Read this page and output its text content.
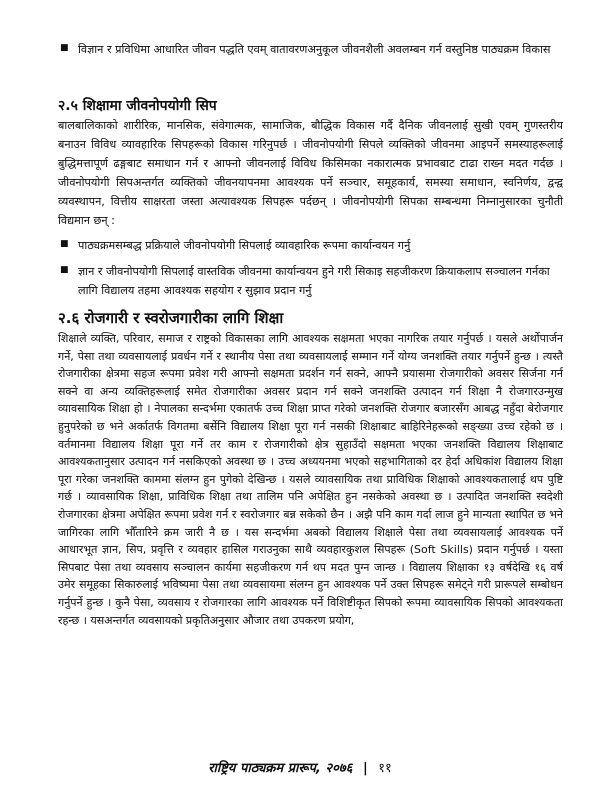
■ विज्ञान र प्रविधिमा आधारित जीवन पद्धति एवम् वातावरणअनुकूल जीवनशैली अवलम्बन गर्न वस्तुनिष्ठ पाठ्यक्रम विकास
२.५ शिक्षामा जीवनोपयोगी सिप
बालबालिकाको शारीरिक, मानसिक, संवेगात्मक, सामाजिक, बौद्धिक विकास गर्दै दैनिक जीवनलाई सुखी एवम् गुणस्तरीय बनाउन विविध व्यावहारिक सिपहरूको विकास गरिनुपर्छ । जीवनोपयोगी सिपले व्यक्तिको जीवनमा आइपर्ने समस्याहरूलाई बुद्धिमत्तापूर्ण ढङ्गबाट समाधान गर्न र आफ्नो जीवनलाई विविध किसिमका नकारात्मक प्रभावबाट टाढा राख्न मदत गर्दछ । जीवनोपयोगी सिपअन्तर्गत व्यक्तिको जीवनयापनमा आवश्यक पर्ने सञ्चार, समूहकार्य, समस्या समाधान, स्वनिर्णय, द्वन्द्व व्यवस्थापन, वित्तीय साक्षरता जस्ता अत्यावश्यक सिपहरू पर्दछन् । जीवनोपयोगी सिपका सम्बन्धमा निम्नानुसारका चुनौती विद्यमान छन् :
■ पाठ्यक्रमसम्बद्ध प्रक्रियाले जीवनोपयोगी सिपलाई व्यावहारिक रूपमा कार्यान्वयन गर्नु
■ ज्ञान र जीवनोपयोगी सिपलाई वास्तविक जीवनमा कार्यान्वयन हुने गरी सिकाइ सहजीकरण क्रियाकलाप सञ्चालन गर्नका लागि विद्यालय तहमा आवश्यक सहयोग र सुझाव प्रदान गर्नु
२.६ रोजगारी र स्वरोजगारीका लागि शिक्षा
शिक्षाले व्यक्ति, परिवार, समाज र राष्ट्रको विकासका लागि आवश्यक सक्षमता भएका नागरिक तयार गर्नुपर्छ । यसले अर्थोपार्जन गर्ने, पेसा तथा व्यवसायलाई प्रवर्धन गर्ने र स्थानीय पेसा तथा व्यवसायलाई सम्मान गर्ने योग्य जनशक्ति तयार गर्नुपर्ने हुन्छ । त्यस्तै रोजगारीका क्षेत्रमा सहज रूपमा प्रवेश गरी आफ्नो सक्षमता प्रदर्शन गर्न सक्ने, आफ्नै प्रयासमा रोजगारीको अवसर सिर्जना गर्न सक्ने वा अन्य व्यक्तिहरूलाई समेत रोजगारीका अवसर प्रदान गर्न सक्ने जनशक्ति उत्पादन गर्न शिक्षा नै रोजगारउन्मुख व्यावसायिक शिक्षा हो । नेपालका सन्दर्भमा एकातर्फ उच्च शिक्षा प्राप्त गरेको जनशक्ति रोजगार बजारसँग आबद्ध नहुँदा बेरोजगार हुनुपरेको छ भने अर्कातर्फ विगतमा बर्सेनि विद्यालय शिक्षा पूरा गर्न नसकी शिक्षाबाट बाहिरिनेहरूको सङ्ख्या उच्च रहेको छ । वर्तमानमा विद्यालय शिक्षा पूरा गर्ने तर काम र रोजगारीको क्षेत्र सुहाउँदो सक्षमता भएका जनशक्ति विद्यालय शिक्षाबाट आवश्यकतानुसार उत्पादन गर्न नसकिएको अवस्था छ । उच्च अध्ययनमा भएको सहभागिताको दर हेर्दा अधिकांश विद्यालय शिक्षा पूरा गरेका जनशक्ति काममा संलग्न हुन पुगेको देखिन्छ । यसले व्यावसायिक तथा प्राविधिक शिक्षाको आवश्यकतालाई थप पुष्टि गर्छ । व्यावसायिक शिक्षा, प्राविधिक शिक्षा तथा तालिम पनि अपेक्षित हुन नसकेको अवस्था छ । उत्पादित जनशक्ति स्वदेशी रोजगारका क्षेत्रमा अपेक्षित रूपमा प्रवेश गर्न र स्वरोजगार बन्न सकेको छैन । अझै पनि काम गर्दा लाज हुने मान्यता स्थापित छ भने जागिरका लागि भौँतारिने क्रम जारी नै छ । यस सन्दर्भमा अबको विद्यालय शिक्षाले पेसा तथा व्यवसायलाई आवश्यक पर्ने आधारभूत ज्ञान, सिप, प्रवृत्ति र व्यवहार हासिल गराउनुका साथै व्यवहारकुशल सिपहरू (Soft Skills) प्रदान गर्नुपर्छ । यस्ता सिपबाट पेसा तथा व्यवसाय सञ्चालन कार्यमा सहजीकरण गर्न थप मदत पुग्न जान्छ । विद्यालय शिक्षाका १३ वर्षदेखि १६ वर्ष उमेर समूहका सिकारुलाई भविष्यमा पेसा तथा व्यवसायमा संलग्न हुन आवश्यक पर्ने उक्त सिपहरू समेट्ने गरी प्रारूपले सम्बोधन गर्नुपर्ने हुन्छ । कुनै पेसा, व्यवसाय र रोजगारका लागि आवश्यक पर्ने विशिष्टीकृत सिपको रूपमा व्यावसायिक सिपको आवश्यकता रहन्छ । यसअन्तर्गत व्यवसायको प्रकृतिअनुसार औजार तथा उपकरण प्रयोग,
राष्ट्रिय पाठ्यक्रम प्रारूप, २०७६ | ११
